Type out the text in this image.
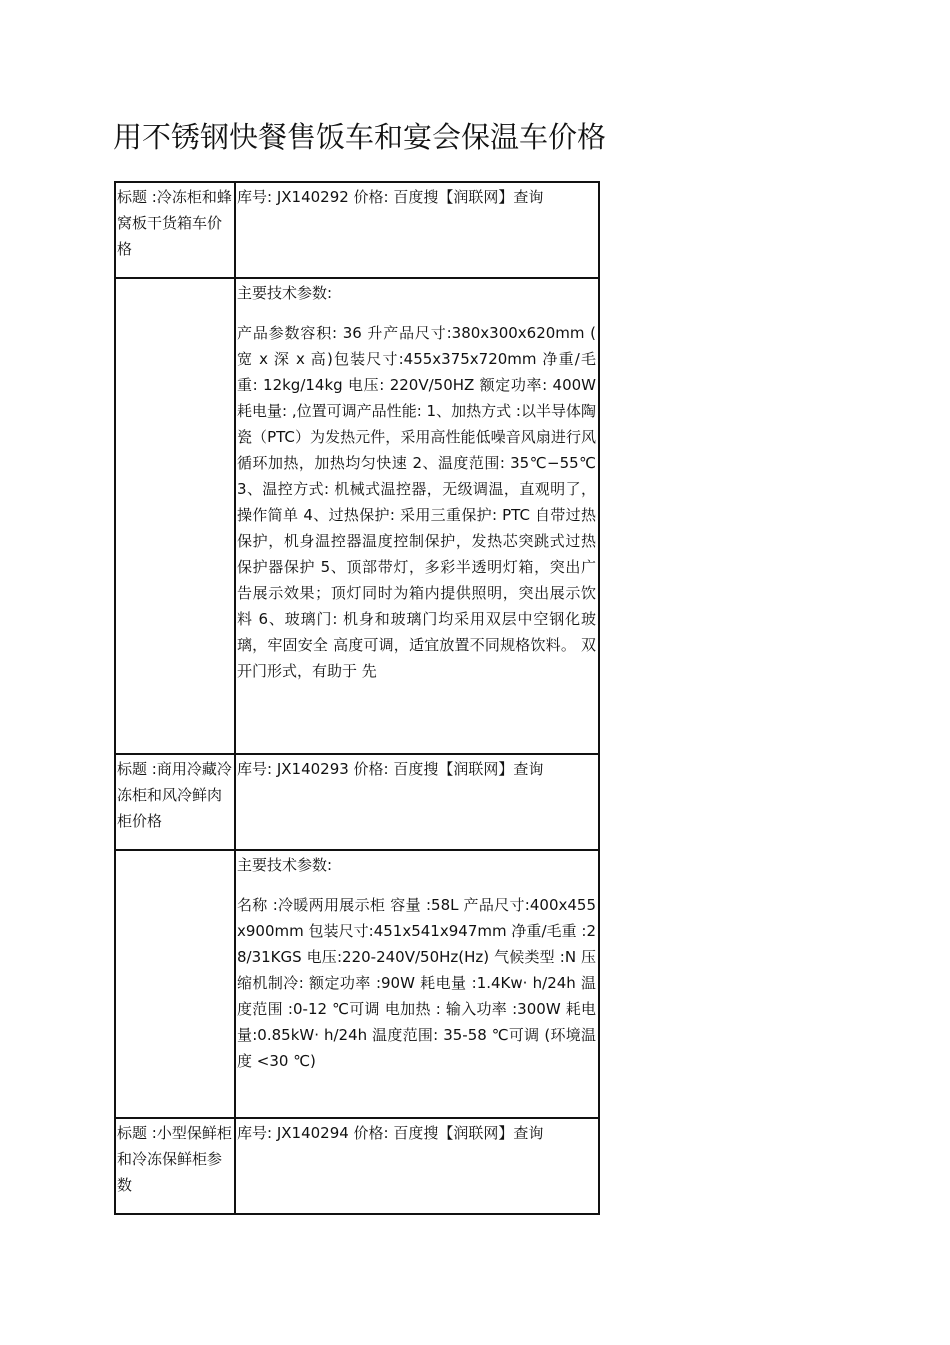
用不锈钢快餐售饭车和宴会保温车价格
标题 :冷冻柜和蜂窝板干货箱车价格	库号: JX140292 价格: 百度搜【润联网】查询

	主要技术参数:
产品参数容积: 36 升产品尺寸:380x300x620mm ( 宽 x 深 x 高)包装尺寸:455x375x720mm 净重/毛重: 12kg/14kg 电压: 220V/50HZ 额定功率: 400W 耗电量: ,位置可调产品性能: 1、加热方式 :以半导体陶瓷（PTC）为发热元件，采用高性能低噪音风扇进行风循环加热，加热均匀快速 2、温度范围: 35℃−55℃3、温控方式: 机械式温控器，无级调温，直观明了，操作简单 4、过热保护: 采用三重保护: PTC 自带过热保护，机身温控器温度控制保护，发热芯突跳式过热保护器保护 5、顶部带灯，多彩半透明灯箱，突出广告展示效果；顶灯同时为箱内提供照明，突出展示饮料 6、玻璃门: 机身和玻璃门均采用双层中空钢化玻璃，牢固安全 高度可调，适宜放置不同规格饮料。 双开门形式，有助于 先

标题 :商用冷藏冷冻柜和风冷鲜肉柜价格	库号: JX140293 价格: 百度搜【润联网】查询

	主要技术参数:
名称 :冷暖两用展示柜 容量 :58L 产品尺寸:400x455x900mm 包装尺寸:451x541x947mm 净重/毛重 :28/31KGS 电压:220-240V/50Hz(Hz) 气候类型 :N 压缩机制冷: 额定功率 :90W 耗电量 :1.4Kw· h/24h 温度范围 :0-12 ℃可调 电加热 : 输入功率 :300W 耗电量:0.85kW· h/24h 温度范围: 35-58 ℃可调 (环境温度 <30 ℃)

标题 :小型保鲜柜和冷冻保鲜柜参数	库号: JX140294 价格: 百度搜【润联网】查询
